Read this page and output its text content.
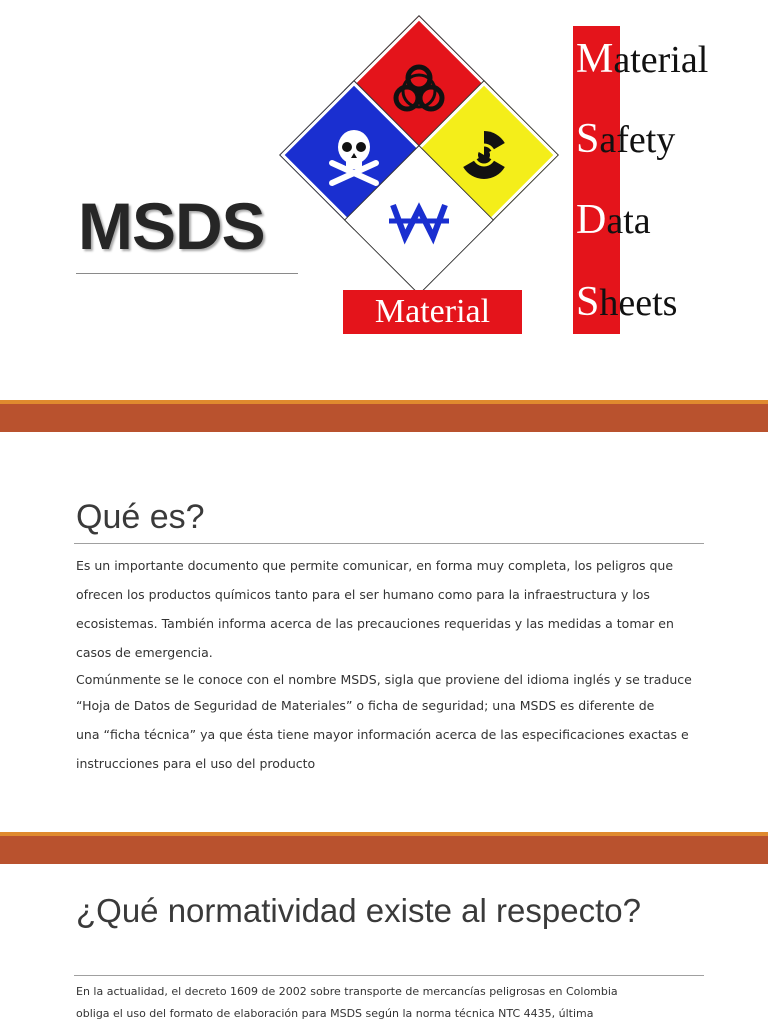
MSDS
Material
Material
Safety
Data
Sheets
Qué es?

Es un importante documento que permite comunicar, en forma muy completa, los peligros que

ofrecen los productos químicos tanto para el ser humano como para la infraestructura y los

ecosistemas. También informa acerca de las precauciones requeridas y las medidas a tomar en

casos de emergencia.

Comúnmente se le conoce con el nombre MSDS, sigla que proviene del idioma inglés y se traduce

“Hoja de Datos de Seguridad de Materiales” o ficha de seguridad; una MSDS es diferente de

una “ficha técnica” ya que ésta tiene mayor información acerca de las especificaciones exactas e

instrucciones para el uso del producto

¿Qué normatividad existe al respecto?

En la actualidad, el decreto 1609 de 2002 sobre transporte de mercancías peligrosas en Colombia

obliga el uso del formato de elaboración para MSDS según la norma técnica NTC 4435, última
